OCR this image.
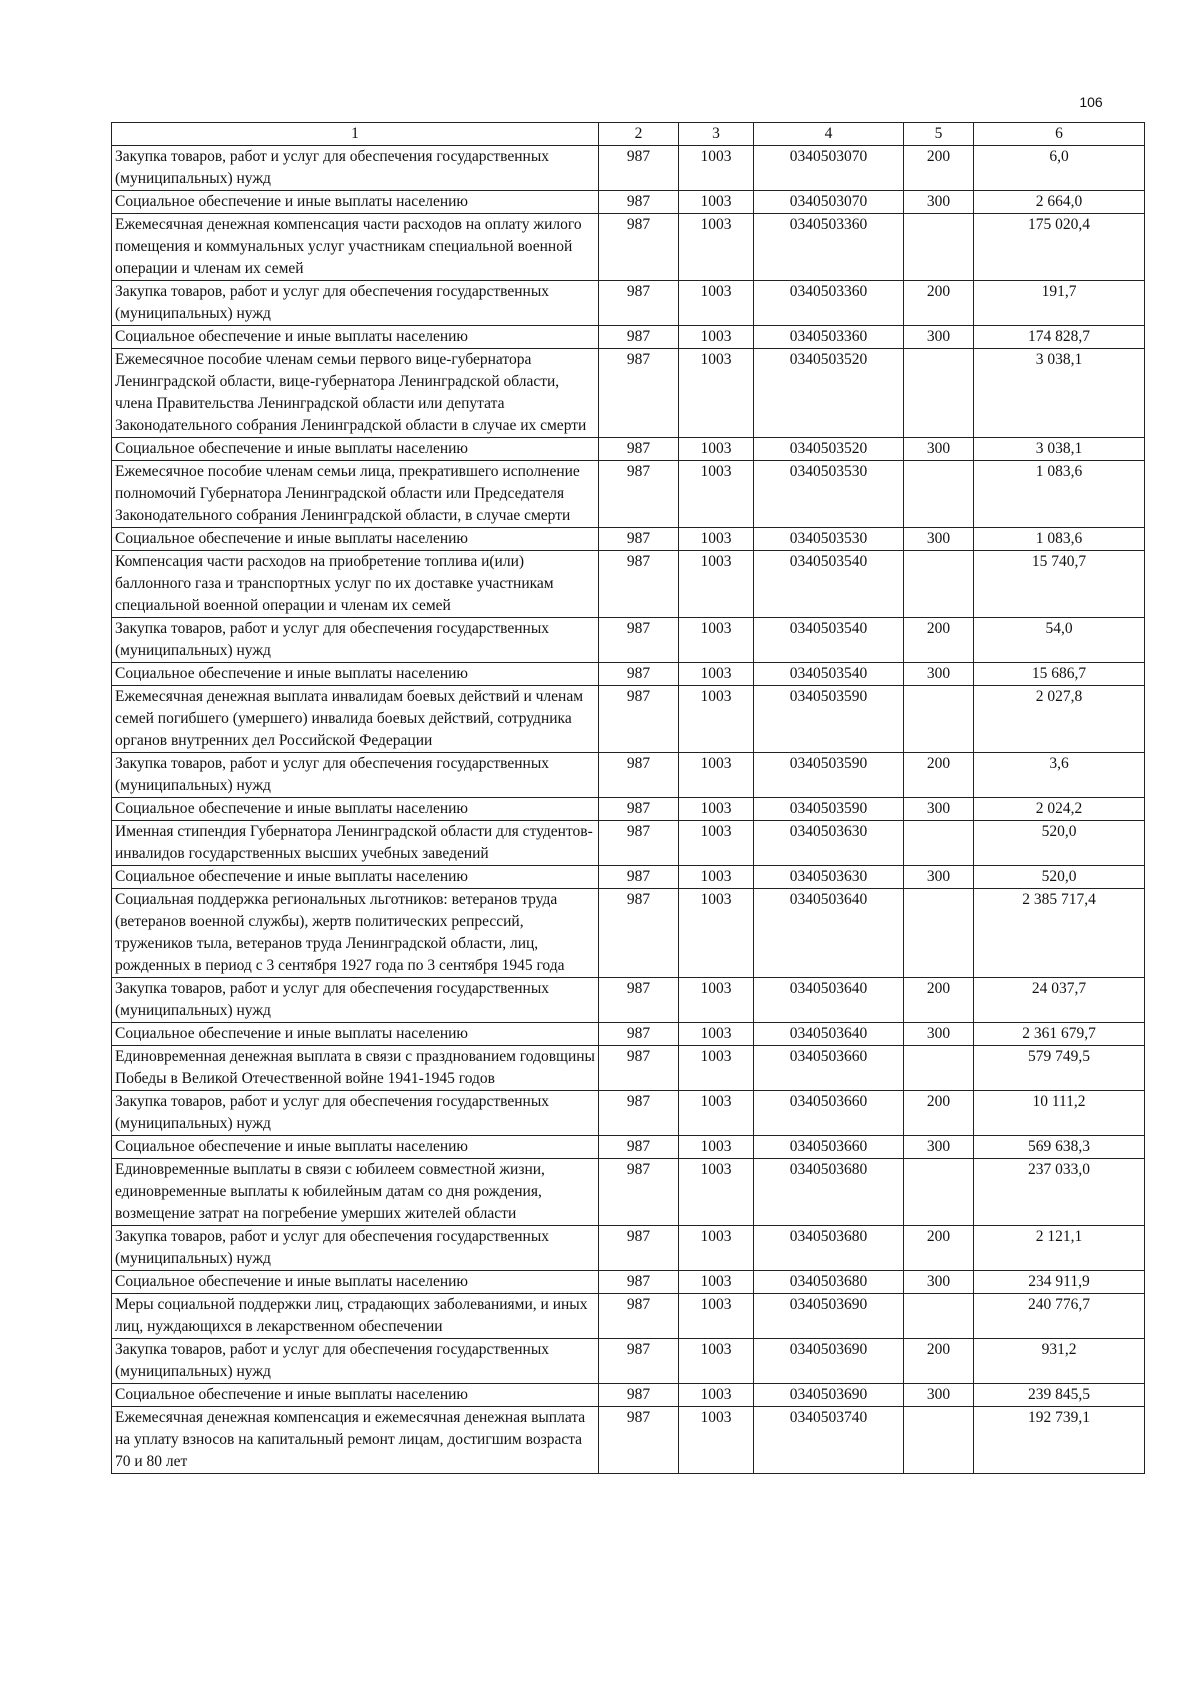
106
1	2	3	4	5	6
Закупка товаров, работ и услуг для обеспечения государственных (муниципальных) нужд	987	1003	0340503070	200	6,0
Социальное обеспечение и иные выплаты населению	987	1003	0340503070	300	2 664,0
Ежемесячная денежная компенсация части расходов на оплату жилого помещения и коммунальных услуг участникам специальной военной операции и членам их семей	987	1003	0340503360		175 020,4
Закупка товаров, работ и услуг для обеспечения государственных (муниципальных) нужд	987	1003	0340503360	200	191,7
Социальное обеспечение и иные выплаты населению	987	1003	0340503360	300	174 828,7
Ежемесячное пособие членам семьи первого вице-губернатора Ленинградской области, вице-губернатора Ленинградской области, члена Правительства Ленинградской области или депутата Законодательного собрания Ленинградской области в случае их смерти	987	1003	0340503520		3 038,1
Социальное обеспечение и иные выплаты населению	987	1003	0340503520	300	3 038,1
Ежемесячное пособие членам семьи лица, прекратившего исполнение полномочий Губернатора Ленинградской области или Председателя Законодательного собрания Ленинградской области, в случае смерти	987	1003	0340503530		1 083,6
Социальное обеспечение и иные выплаты населению	987	1003	0340503530	300	1 083,6
Компенсация части расходов на приобретение топлива и(или) баллонного газа и транспортных услуг по их доставке участникам специальной военной операции и членам их семей	987	1003	0340503540		15 740,7
Закупка товаров, работ и услуг для обеспечения государственных (муниципальных) нужд	987	1003	0340503540	200	54,0
Социальное обеспечение и иные выплаты населению	987	1003	0340503540	300	15 686,7
Ежемесячная денежная выплата инвалидам боевых действий и членам семей погибшего (умершего) инвалида боевых действий, сотрудника органов внутренних дел Российской Федерации	987	1003	0340503590		2 027,8
Закупка товаров, работ и услуг для обеспечения государственных (муниципальных) нужд	987	1003	0340503590	200	3,6
Социальное обеспечение и иные выплаты населению	987	1003	0340503590	300	2 024,2
Именная стипендия Губернатора Ленинградской области для студентов-инвалидов государственных высших учебных заведений	987	1003	0340503630		520,0
Социальное обеспечение и иные выплаты населению	987	1003	0340503630	300	520,0
Социальная поддержка региональных льготников: ветеранов труда (ветеранов военной службы), жертв политических репрессий, тружеников тыла, ветеранов труда Ленинградской области, лиц, рожденных в период с 3 сентября 1927 года по 3 сентября 1945 года	987	1003	0340503640		2 385 717,4
Закупка товаров, работ и услуг для обеспечения государственных (муниципальных) нужд	987	1003	0340503640	200	24 037,7
Социальное обеспечение и иные выплаты населению	987	1003	0340503640	300	2 361 679,7
Единовременная денежная выплата в связи с празднованием годовщины Победы в Великой Отечественной войне 1941-1945 годов	987	1003	0340503660		579 749,5
Закупка товаров, работ и услуг для обеспечения государственных (муниципальных) нужд	987	1003	0340503660	200	10 111,2
Социальное обеспечение и иные выплаты населению	987	1003	0340503660	300	569 638,3
Единовременные выплаты в связи с юбилеем совместной жизни, единовременные выплаты к юбилейным датам со дня рождения, возмещение затрат на погребение умерших жителей области	987	1003	0340503680		237 033,0
Закупка товаров, работ и услуг для обеспечения государственных (муниципальных) нужд	987	1003	0340503680	200	2 121,1
Социальное обеспечение и иные выплаты населению	987	1003	0340503680	300	234 911,9
Меры социальной поддержки лиц, страдающих заболеваниями, и иных лиц, нуждающихся в лекарственном обеспечении	987	1003	0340503690		240 776,7
Закупка товаров, работ и услуг для обеспечения государственных (муниципальных) нужд	987	1003	0340503690	200	931,2
Социальное обеспечение и иные выплаты населению	987	1003	0340503690	300	239 845,5
Ежемесячная денежная компенсация и ежемесячная денежная выплата на уплату взносов на капитальный ремонт лицам, достигшим возраста 70 и 80 лет	987	1003	0340503740		192 739,1
